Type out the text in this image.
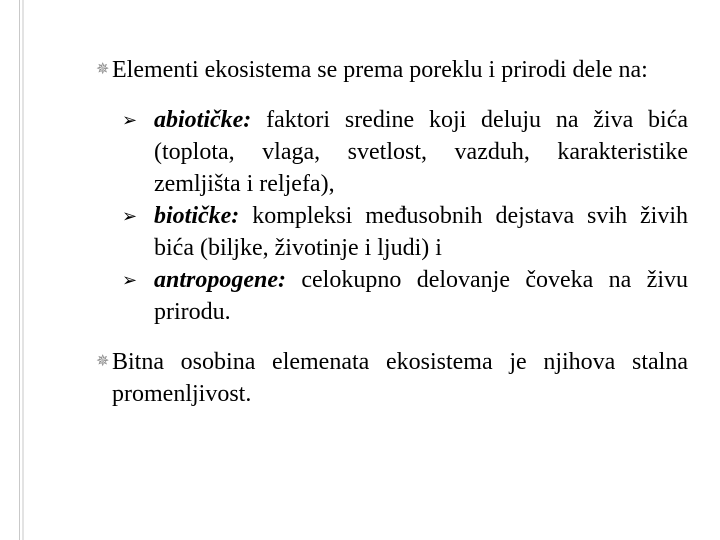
✵ Elementi ekosistema se prema poreklu i prirodi dele na:

➢ abiotičke: faktori sredine koji deluju na živa bića (toplota, vlaga, svetlost, vazduh, karakteristike zemljišta i reljefa),
➢ biotičke: kompleksi međusobnih dejstava svih živih bića (biljke, životinje i ljudi) i
➢ antropogene: celokupno delovanje čoveka na živu prirodu.

✵ Bitna osobina elemenata ekosistema je njihova stalna promenljivost.
